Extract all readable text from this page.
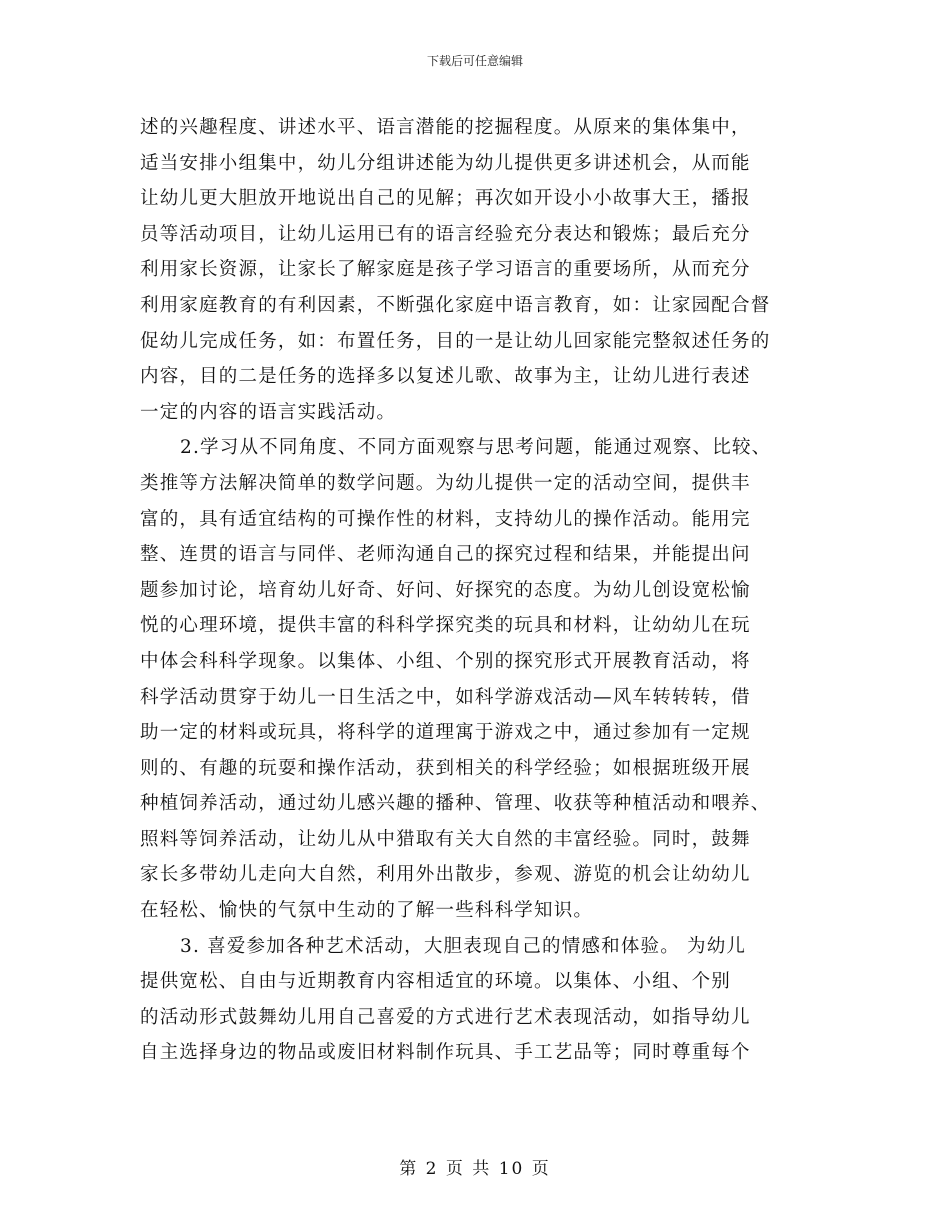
下载后可任意编辑
述的兴趣程度、讲述水平、语言潜能的挖掘程度。从原来的集体集中，
适当安排小组集中，幼儿分组讲述能为幼儿提供更多讲述机会，从而能
让幼儿更大胆放开地说出自己的见解；再次如开设小小故事大王，播报
员等活动项目，让幼儿运用已有的语言经验充分表达和锻炼；最后充分
利用家长资源，让家长了解家庭是孩子学习语言的重要场所，从而充分
利用家庭教育的有利因素，不断强化家庭中语言教育，如：让家园配合督
促幼儿完成任务，如：布置任务，目的一是让幼儿回家能完整叙述任务的
内容，目的二是任务的选择多以复述儿歌、故事为主，让幼儿进行表述
一定的内容的语言实践活动。
2.学习从不同角度、不同方面观察与思考问题，能通过观察、比较、
类推等方法解决简单的数学问题。为幼儿提供一定的活动空间，提供丰
富的，具有适宜结构的可操作性的材料，支持幼儿的操作活动。能用完
整、连贯的语言与同伴、老师沟通自己的探究过程和结果，并能提出问
题参加讨论，培育幼儿好奇、好问、好探究的态度。为幼儿创设宽松愉
悦的心理环境，提供丰富的科科学探究类的玩具和材料，让幼幼儿在玩
中体会科科学现象。以集体、小组、个别的探究形式开展教育活动，将
科学活动贯穿于幼儿一日生活之中，如科学游戏活动—风车转转转，借
助一定的材料或玩具，将科学的道理寓于游戏之中，通过参加有一定规
则的、有趣的玩耍和操作活动，获到相关的科学经验；如根据班级开展
种植饲养活动，通过幼儿感兴趣的播种、管理、收获等种植活动和喂养、
照料等饲养活动，让幼儿从中猎取有关大自然的丰富经验。同时，鼓舞
家长多带幼儿走向大自然，利用外出散步，参观、游览的机会让幼幼儿
在轻松、愉快的气氛中生动的了解一些科科学知识。
3. 喜爱参加各种艺术活动，大胆表现自己的情感和体验。 为幼儿
提供宽松、自由与近期教育内容相适宜的环境。以集体、小组、个别
的活动形式鼓舞幼儿用自己喜爱的方式进行艺术表现活动，如指导幼儿
自主选择身边的物品或废旧材料制作玩具、手工艺品等；同时尊重每个
第 2 页 共 10 页
